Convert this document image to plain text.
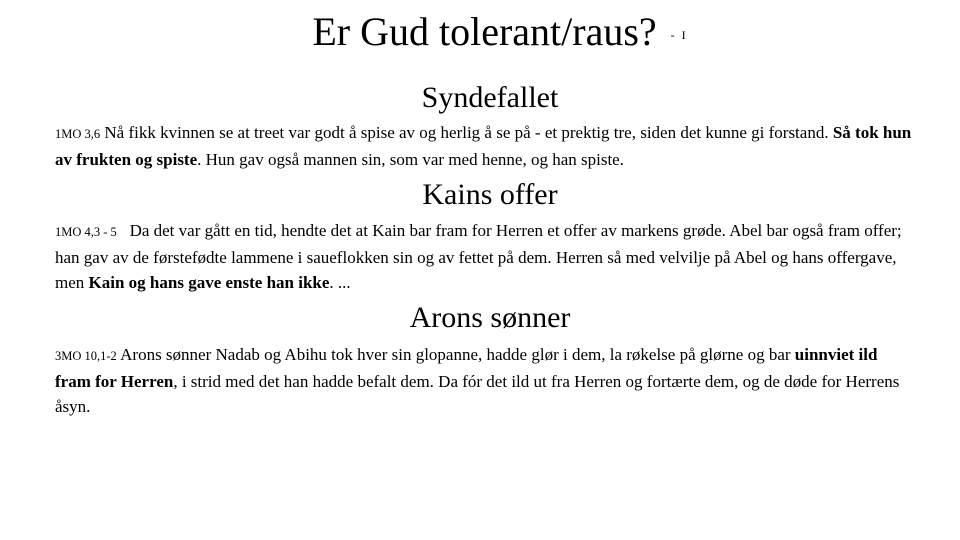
Er Gud tolerant/raus? $^{- I}$
Syndefallet
1MO 3,6 Nå fikk kvinnen se at treet var godt å spise av og herlig å se på - et prektig tre, siden det kunne gi forstand. Så tok hun av frukten og spiste. Hun gav også mannen sin, som var med henne, og han spiste.
Kains offer
1MO 4,3 - 5   Da det var gått en tid, hendte det at Kain bar fram for Herren et offer av markens grøde. Abel bar også fram offer; han gav av de førstefødte lammene i saueflokken sin og av fettet på dem. Herren så med velvilje på Abel og hans offergave, men Kain og hans gave enste han ikke. ...
Arons sønner
3MO 10,1-2 Arons sønner Nadab og Abihu tok hver sin glopanne, hadde glør i dem, la røkelse på glørne og bar uinnviet ild fram for Herren, i strid med det han hadde befalt dem. Da fór det ild ut fra Herren og fortærte dem, og de døde for Herrens åsyn.
